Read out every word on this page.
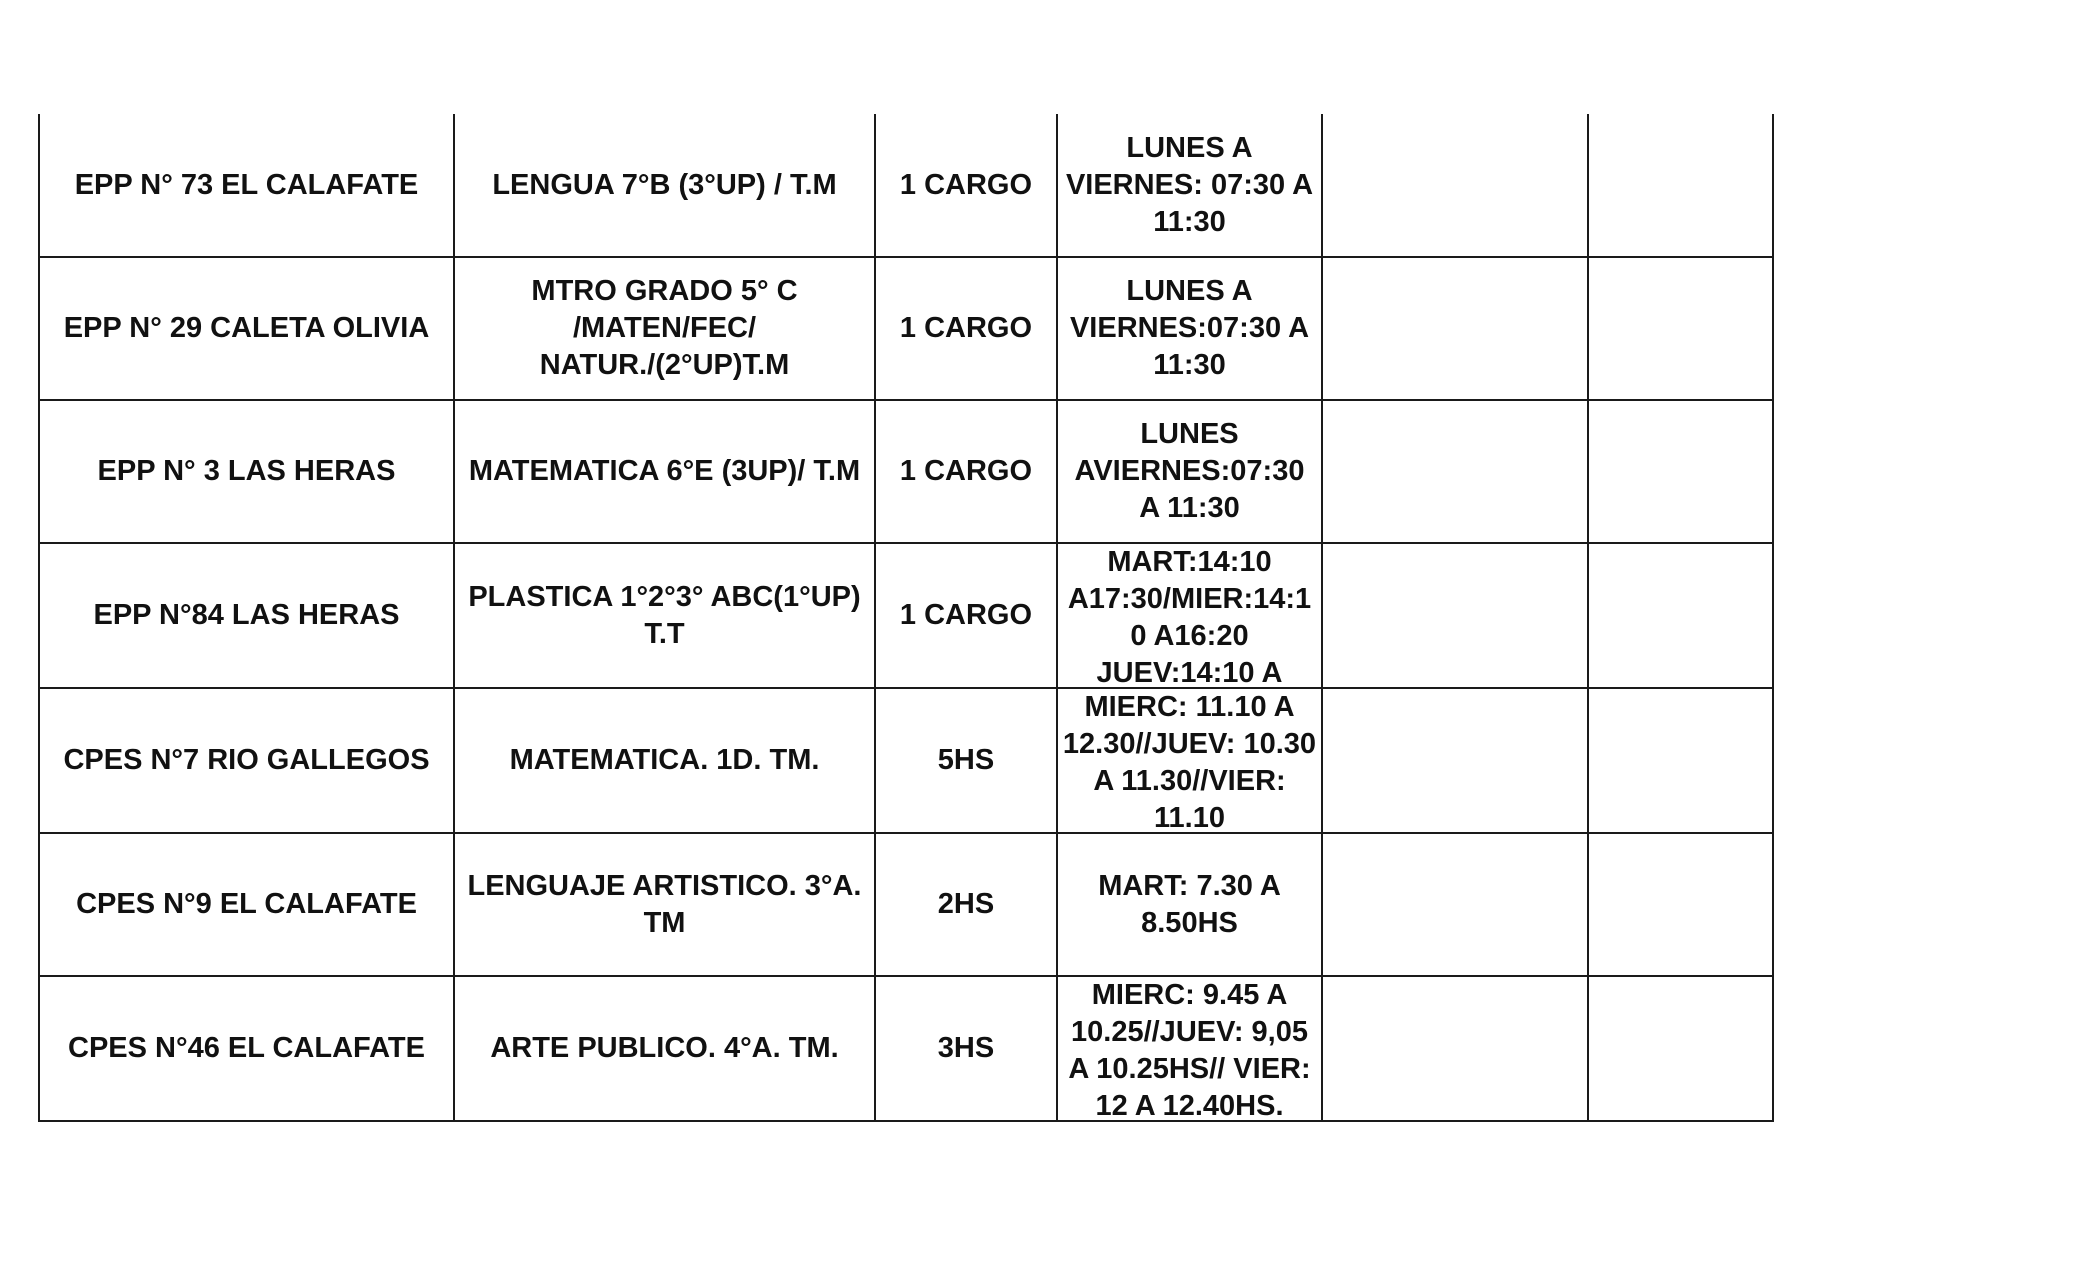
EPP N° 73 EL CALAFATE	LENGUA 7°B (3°UP) / T.M	1 CARGO	LUNES A VIERNES: 07:30 A 11:30		

EPP N° 29 CALETA OLIVIA	MTRO GRADO 5° C /MATEN/FEC/ NATUR./(2°UP)T.M	1 CARGO	LUNES A VIERNES:07:30 A 11:30		

EPP N° 3 LAS HERAS	MATEMATICA 6°E (3UP)/ T.M	1 CARGO	LUNES AVIERNES:07:30 A 11:30		

EPP N°84 LAS HERAS	PLASTICA 1°2°3° ABC(1°UP) T.T	1 CARGO	MART:14:10 A17:30/MIER:14:10 A16:20 JUEV:14:10 A		

CPES N°7 RIO GALLEGOS	MATEMATICA. 1D. TM.	5HS	MIERC: 11.10 A 12.30//JUEV: 10.30 A 11.30//VIER: 11.10		

CPES N°9 EL CALAFATE	LENGUAJE ARTISTICO. 3°A. TM	2HS	MART: 7.30 A 8.50HS		

CPES N°46 EL CALAFATE	ARTE PUBLICO. 4°A. TM.	3HS	MIERC: 9.45 A 10.25//JUEV: 9,05 A 10.25HS// VIER: 12 A 12.40HS.		
